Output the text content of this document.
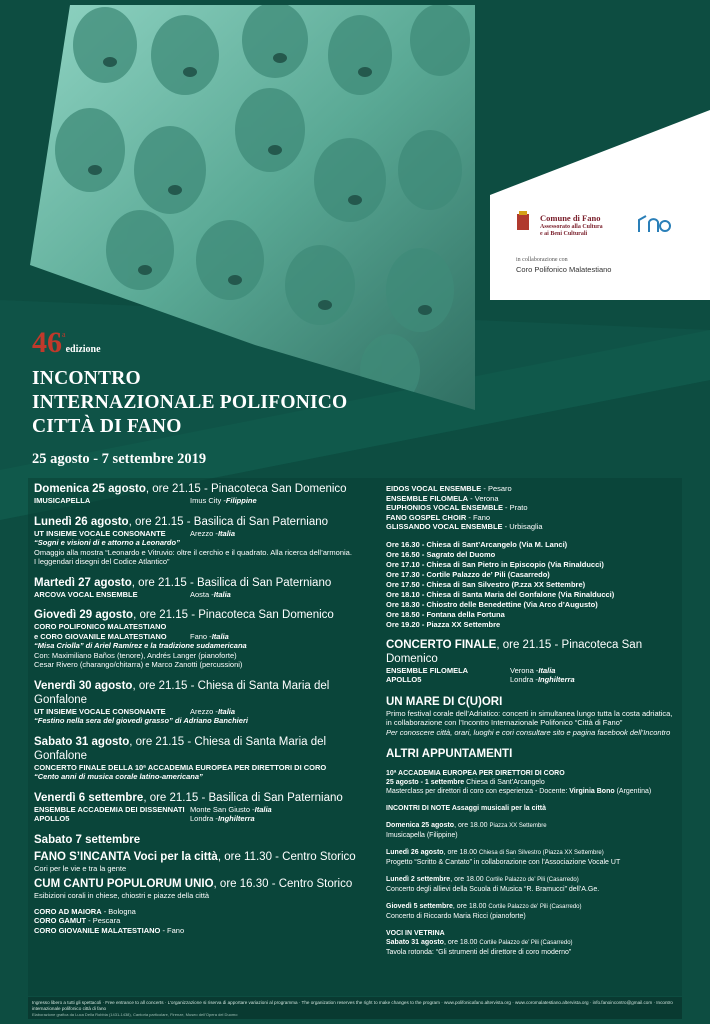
Comune di Fano
Assessorato alla Cultura
e ai Beni Culturali
in collaborazione con
Coro Polifonico Malatestiano
46$^a$edizione
INCONTRO
INTERNAZIONALE POLIFONICO
CITTÀ DI FANO
25 agosto - 7 settembre 2019
Domenica 25 agosto, ore 21.15 - Pinacoteca San Domenico
IMUSICAPELLA	Imus City - Filippine
Lunedì 26 agosto, ore 21.15 - Basilica di San Paterniano
UT INSIEME VOCALE CONSONANTE	Arezzo - Italia
“Sogni e visioni di e attorno a Leonardo”
Omaggio alla mostra “Leonardo e Vitruvio: oltre il cerchio e il quadrato. Alla ricerca dell’armonia.
I leggendari disegni del Codice Atlantico”
Martedì 27 agosto, ore 21.15 - Basilica di San Paterniano
ARCOVA VOCAL ENSEMBLE	Aosta - Italia
Giovedì 29 agosto, ore 21.15 - Pinacoteca San Domenico
CORO POLIFONICO MALATESTIANO
e CORO GIOVANILE MALATESTIANO	Fano - Italia
“Misa Criolla” di Ariel Ramírez e la tradizione sudamericana
Con: Maximiliano Baños (tenore), Andrés Langer (pianoforte)
Cesar Rivero (charango/chitarra) e Marco Zanotti (percussioni)
Venerdì 30 agosto, ore 21.15 - Chiesa di Santa Maria del Gonfalone
UT INSIEME VOCALE CONSONANTE	Arezzo - Italia
“Festino nella sera del giovedì grasso” di Adriano Banchieri
Sabato 31 agosto, ore 21.15 - Chiesa di Santa Maria del Gonfalone
CONCERTO FINALE DELLA 10ª ACCADEMIA EUROPEA PER DIRETTORI DI CORO
“Cento anni di musica corale latino-americana”
Venerdì 6 settembre, ore 21.15 - Basilica di San Paterniano
ENSEMBLE ACCADEMIA DEI DISSENNATI Monte San Giusto - Italia
APOLLO5	Londra - Inghilterra
Sabato 7 settembre
FANO S’INCANTA Voci per la città, ore 11.30 - Centro Storico
Cori per le vie e tra la gente
CUM CANTU POPULORUM UNIO, ore 16.30 - Centro Storico
Esibizioni corali in chiese, chiostri e piazze della città
CORO AD MAIORA - Bologna
CORO GAMUT - Pescara
CORO GIOVANILE MALATESTIANO - Fano
EIDOS VOCAL ENSEMBLE - Pesaro
ENSEMBLE FILOMELA - Verona
EUPHONIOS VOCAL ENSEMBLE - Prato
FANO GOSPEL CHOIR - Fano
GLISSANDO VOCAL ENSEMBLE - Urbisaglia
Ore 16.30 - Chiesa di Sant’Arcangelo (Via M. Lanci)
Ore 16.50 - Sagrato del Duomo
Ore 17.10 - Chiesa di San Pietro in Episcopio (Via Rinalducci)
Ore 17.30 - Cortile Palazzo de’ Pili (Casarredo)
Ore 17.50 - Chiesa di San Silvestro (P.zza XX Settembre)
Ore 18.10 - Chiesa di Santa Maria del Gonfalone (Via Rinalducci)
Ore 18.30 - Chiostro delle Benedettine (Via Arco d’Augusto)
Ore 18.50 - Fontana della Fortuna
Ore 19.20 - Piazza XX Settembre
CONCERTO FINALE, ore 21.15 - Pinacoteca San Domenico
ENSEMBLE FILOMELA	Verona - Italia
APOLLO5	Londra - Inghilterra
UN MARE DI C(U)ORI
Primo festival corale dell’Adriatico: concerti in simultanea lungo tutta la costa adriatica,
in collaborazione con l’Incontro Internazionale Polifonico “Città di Fano”
Per conoscere città, orari, luoghi e cori consultare sito e pagina facebook dell’Incontro
ALTRI APPUNTAMENTI
10ª ACCADEMIA EUROPEA PER DIRETTORI DI CORO
25 agosto - 1 settembre Chiesa di Sant’Arcangelo
Masterclass per direttori di coro con esperienza - Docente: Virginia Bono (Argentina)
INCONTRI DI NOTE Assaggi musicali per la città
Domenica 25 agosto, ore 18.00 Piazza XX Settembre
Imusicapella (Filippine)
Lunedì 26 agosto, ore 18.00 Chiesa di San Silvestro (Piazza XX Settembre)
Progetto “Scritto & Cantato” in collaborazione con l’Associazione Vocale UT
Lunedì 2 settembre, ore 18.00 Cortile Palazzo de’ Pili (Casarredo)
Concerto degli allievi della Scuola di Musica “R. Bramucci” dell’A.Ge.
Giovedì 5 settembre, ore 18.00 Cortile Palazzo de’ Pili (Casarredo)
Concerto di Riccardo Maria Ricci (pianoforte)
VOCI IN VETRINA
Sabato 31 agosto, ore 18.00 Cortile Palazzo de’ Pili (Casarredo)
Tavola rotonda: “Gli strumenti del direttore di coro moderno”
Ingresso libero a tutti gli spettacoli · Free entrance to all concerts · L’organizzazione si riserva di apportare variazioni al programma · The organization reserves the right to make changes to the program · www.polifonicafano.altervista.org · www.coromalatestiano.altervista.org · info.fanoincontro@gmail.com · Incontro internazionale polifonico città di fano
Elaborazione grafica da Luca Della Robbia (1431-1438), Cantoria particolare, Firenze, Museo dell’Opera del Duomo
